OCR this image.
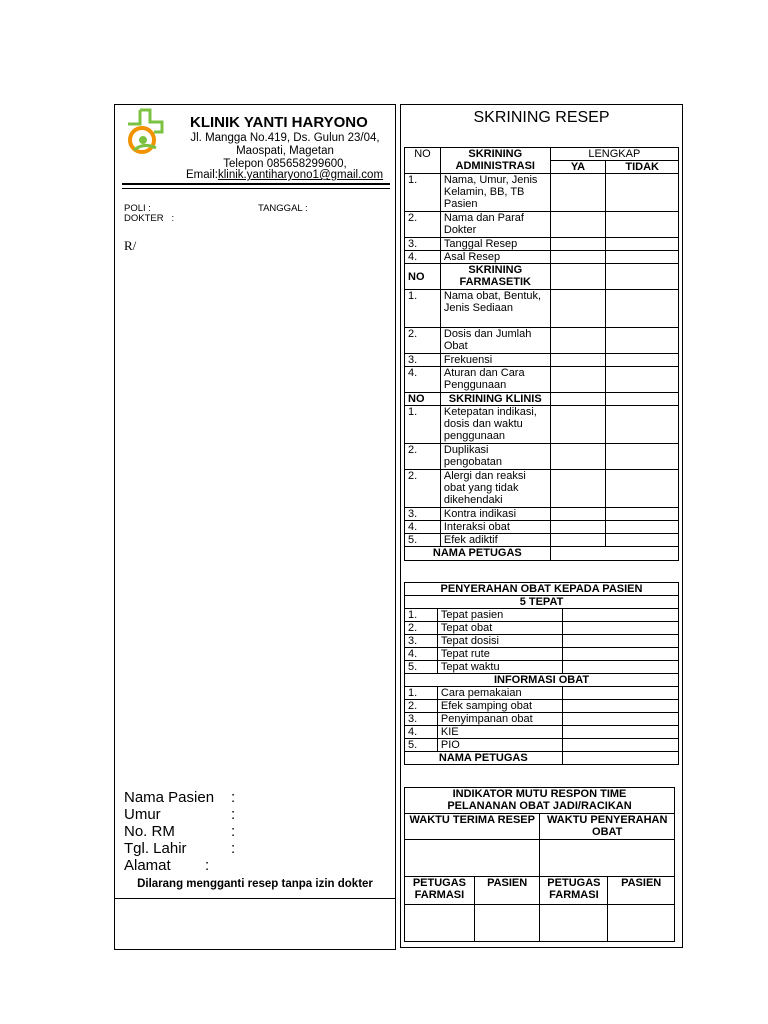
KLINIK YANTI HARYONO
Jl. Mangga No.419, Ds. Gulun 23/04,
Maospati, Magetan
Telepon 085658299600,
Email:klinik.yantiharyono1@gmail.com
POLI :	TANGGAL :
DOKTER   :
R/
Nama Pasien :
Umur	:
No. RM	:
Tgl. Lahir	:
Alamat :
Dilarang mengganti resep tanpa izin dokter
SKRINING RESEP
NO	SKRINING ADMINISTRASI	LENGKAP	
		YA	TIDAK
1.	Nama, Umur, Jenis Kelamin, BB, TB Pasien		
2.	Nama dan Paraf Dokter		
3.	Tanggal Resep		
4.	Asal Resep		
NO	SKRINING FARMASETIK		
1.	Nama obat, Bentuk, Jenis Sediaan		
2.	Dosis dan Jumlah Obat		
3.	Frekuensi		
4.	Aturan dan Cara Penggunaan		
NO	SKRINING KLINIS		
1.	Ketepatan indikasi, dosis dan waktu penggunaan		
2.	Duplikasi pengobatan		
2.	Alergi dan reaksi obat yang tidak dikehendaki		
3.	Kontra indikasi		
4.	Interaksi obat		
5.	Efek adiktif		
NAMA PETUGAS			
PENYERAHAN OBAT KEPADA PASIEN		
5 TEPAT		
1.	Tepat pasien	
2.	Tepat obat	
3.	Tepat dosisi	
4.	Tepat rute	
5.	Tepat waktu	
INFORMASI OBAT		
1.	Cara pemakaian	
2.	Efek samping obat	
3.	Penyimpanan obat	
4.	KIE	
5.	PIO	
NAMA PETUGAS		
INDIKATOR MUTU RESPON TIME
PELANANAN OBAT JADI/RACIKAN			

WAKTU TERIMA RESEP		WAKTU PENYERAHAN OBAT	

PETUGAS FARMASI	PASIEN	PETUGAS FARMASI	PASIEN
